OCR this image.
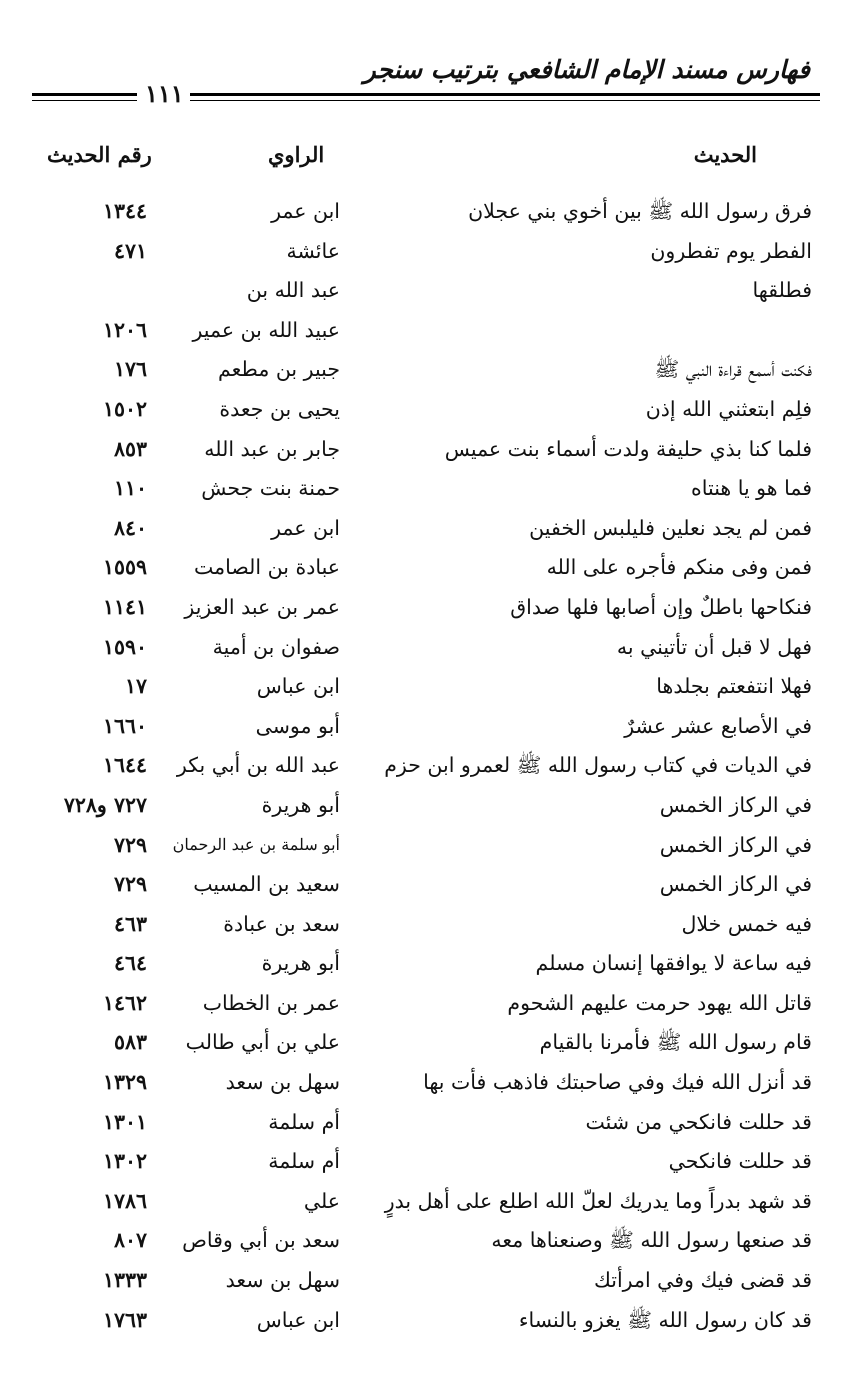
فهارس مسند الإمام الشافعي بترتيب سنجر
١١١
الحديث
الراوي
رقم الحديث
فرق رسول الله ﷺ بين أخوي بني عجلان
ابن عمر
١٣٤٤
الفطر يوم تفطرون
عائشة
٤٧١
فطلقها
عبد الله بن
عبيد الله بن عمير
١٢٠٦
فكنت أسمع قراءة النبي ﷺ
جبير بن مطعم
١٧٦
فلِم ابتعثني الله إذن
يحيى بن جعدة
١٥٠٢
فلما كنا بذي حليفة ولدت أسماء بنت عميس
جابر بن عبد الله
٨٥٣
فما هو يا هنتاه
حمنة بنت جحش
١١٠
فمن لم يجد نعلين فليلبس الخفين
ابن عمر
٨٤٠
فمن وفى منكم فأجره على الله
عبادة بن الصامت
١٥٥٩
فنكاحها باطلٌ وإن أصابها فلها صداق
عمر بن عبد العزيز
١١٤١
فهل لا قبل أن تأتيني به
صفوان بن أمية
١٥٩٠
فهلا انتفعتم بجلدها
ابن عباس
١٧
في الأصابع عشر عشرٌ
أبو موسى
١٦٦٠
في الديات في كتاب رسول الله ﷺ لعمرو ابن حزم
عبد الله بن أبي بكر
١٦٤٤
في الركاز الخمس
أبو هريرة
٧٢٧ و٧٢٨
في الركاز الخمس
أبو سلمة بن عبد الرحمان
٧٢٩
في الركاز الخمس
سعيد بن المسيب
٧٢٩
فيه خمس خلال
سعد بن عبادة
٤٦٣
فيه ساعة لا يوافقها إنسان مسلم
أبو هريرة
٤٦٤
قاتل الله يهود حرمت عليهم الشحوم
عمر بن الخطاب
١٤٦٢
قام رسول الله ﷺ فأمرنا بالقيام
علي بن أبي طالب
٥٨٣
قد أنزل الله فيك وفي صاحبتك فاذهب فأت بها
سهل بن سعد
١٣٢٩
قد حللت فانكحي من شئت
أم سلمة
١٣٠١
قد حللت فانكحي
أم سلمة
١٣٠٢
قد شهد بدراً وما يدريك لعلّ الله اطلع على أهل بدرٍ
علي
١٧٨٦
قد صنعها رسول الله ﷺ وصنعناها معه
سعد بن أبي وقاص
٨٠٧
قد قضى فيك وفي امرأتك
سهل بن سعد
١٣٣٣
قد كان رسول الله ﷺ يغزو بالنساء
ابن عباس
١٧٦٣
